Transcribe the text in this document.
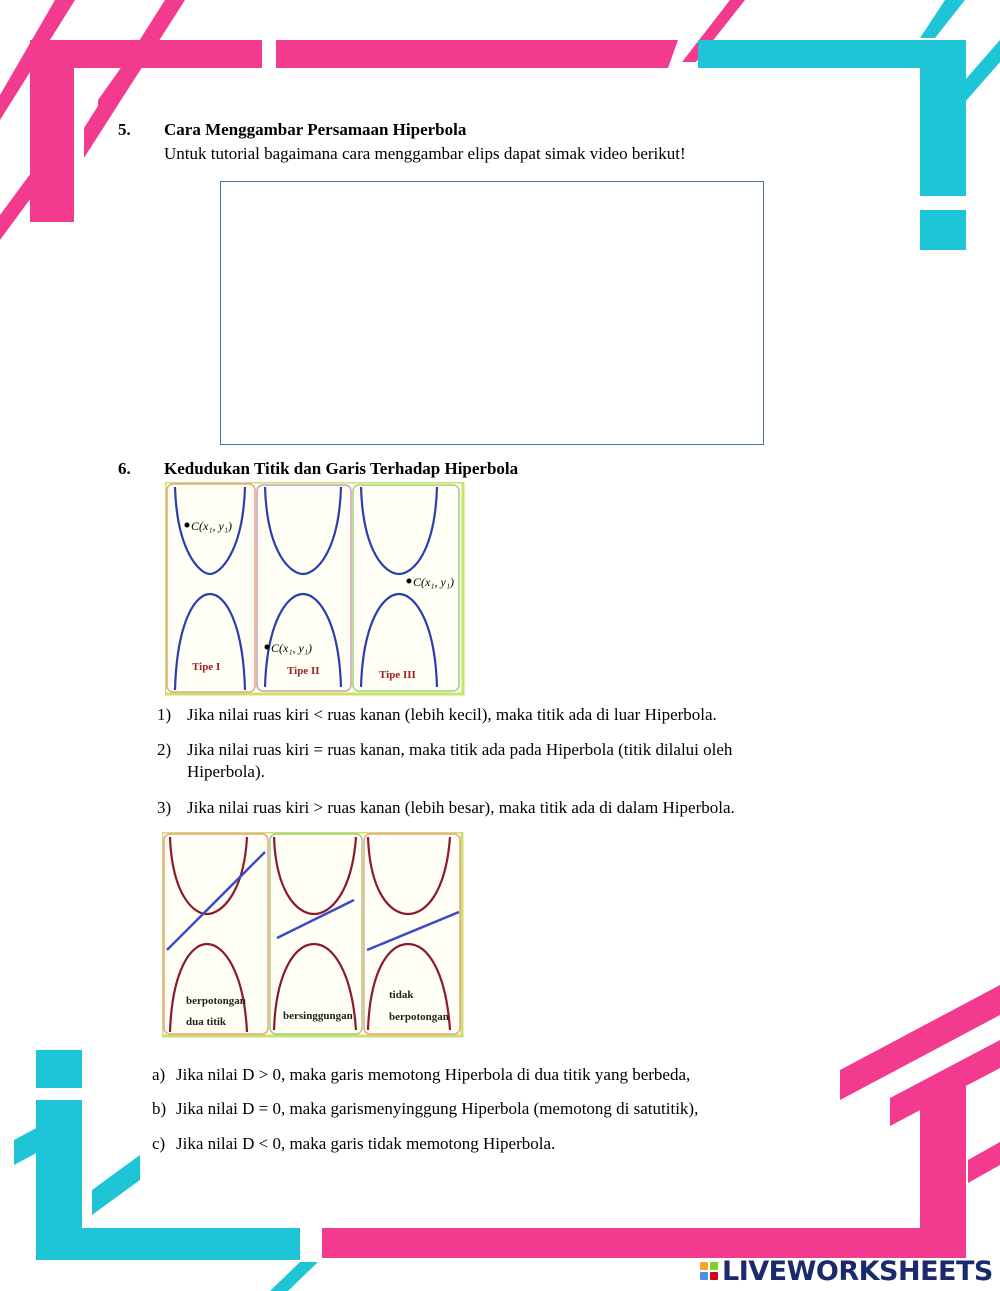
5. Cara Menggambar Persamaan Hiperbola
Untuk tutorial bagaimana cara menggambar elips dapat simak video berikut!
6. Kedudukan Titik dan Garis Terhadap Hiperbola
C(x₁, y₁)
C(x₁, y₁)
C(x₁, y₁)
Tipe I	Tipe II	Tipe III
1) Jika nilai ruas kiri < ruas kanan (lebih kecil), maka titik ada di luar Hiperbola.
2) Jika nilai ruas kiri = ruas kanan, maka titik ada pada Hiperbola (titik dilalui oleh
Hiperbola).
3) Jika nilai ruas kiri > ruas kanan (lebih besar), maka titik ada di dalam Hiperbola.
berpotongan
dua titik	bersinggungan
tidak
berpotongan
a) Jika nilai D > 0, maka garis memotong Hiperbola di dua titik yang berbeda,
b) Jika nilai D = 0, maka garismenyinggung Hiperbola (memotong di satutitik),
c) Jika nilai D < 0, maka garis tidak memotong Hiperbola.
LIVEWORKSHEETS
